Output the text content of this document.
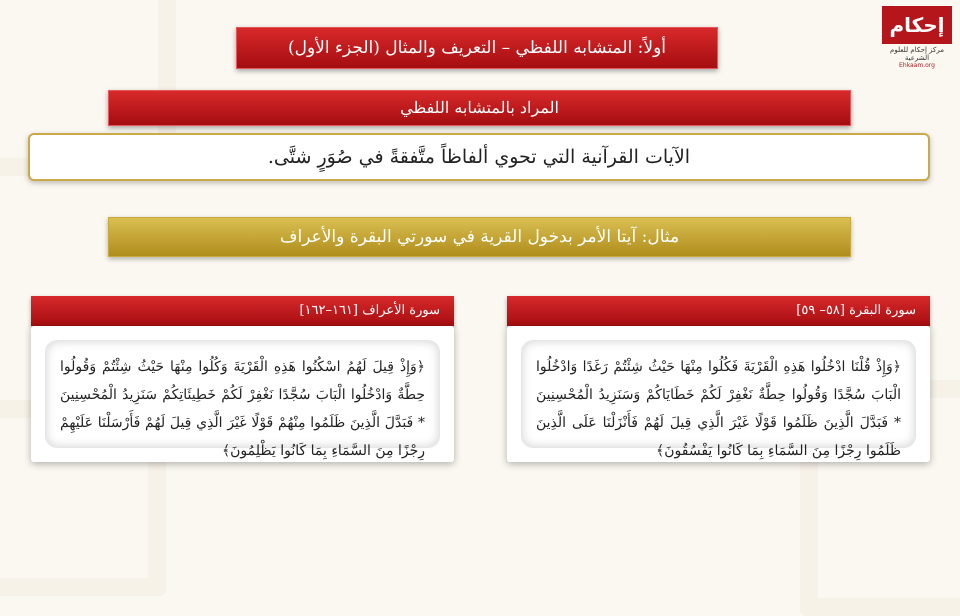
إحكام
مركز إحكام للعلوم الشرعية
Ehkaam.org
أولاً: المتشابه اللفظي – التعريف والمثال (الجزء الأول)
المراد بالمتشابه اللفظي
الآيات القرآنية التي تحوي ألفاظاً متَّفقةً في صُوَرٍ شتَّى.
مثال: آيتا الأمر بدخول القرية في سورتي البقرة والأعراف
سورة البقرة [٥٨– ٥٩]
﴿وَإِذْ قُلْنَا ادْخُلُوا هَذِهِ الْقَرْيَةَ فَكُلُوا مِنْهَا حَيْثُ شِئْتُمْ رَغَدًا وَادْخُلُوا الْبَابَ سُجَّدًا وَقُولُوا حِطَّةٌ نَغْفِرْ لَكُمْ خَطَايَاكُمْ وَسَنَزِيدُ الْمُحْسِنِينَ * فَبَدَّلَ الَّذِينَ ظَلَمُوا قَوْلًا غَيْرَ الَّذِي قِيلَ لَهُمْ فَأَنْزَلْنَا عَلَى الَّذِينَ ظَلَمُوا رِجْزًا مِنَ السَّمَاءِ بِمَا كَانُوا يَفْسُقُونَ﴾
سورة الأعراف [١٦١–١٦٢]
﴿وَإِذْ قِيلَ لَهُمُ اسْكُنُوا هَذِهِ الْقَرْيَةَ وَكُلُوا مِنْهَا حَيْثُ شِئْتُمْ وَقُولُوا حِطَّةٌ وَادْخُلُوا الْبَابَ سُجَّدًا نَغْفِرْ لَكُمْ خَطِيئَاتِكُمْ سَنَزِيدُ الْمُحْسِنِينَ * فَبَدَّلَ الَّذِينَ ظَلَمُوا مِنْهُمْ قَوْلًا غَيْرَ الَّذِي قِيلَ لَهُمْ فَأَرْسَلْنَا عَلَيْهِمْ رِجْزًا مِنَ السَّمَاءِ بِمَا كَانُوا يَظْلِمُونَ﴾
